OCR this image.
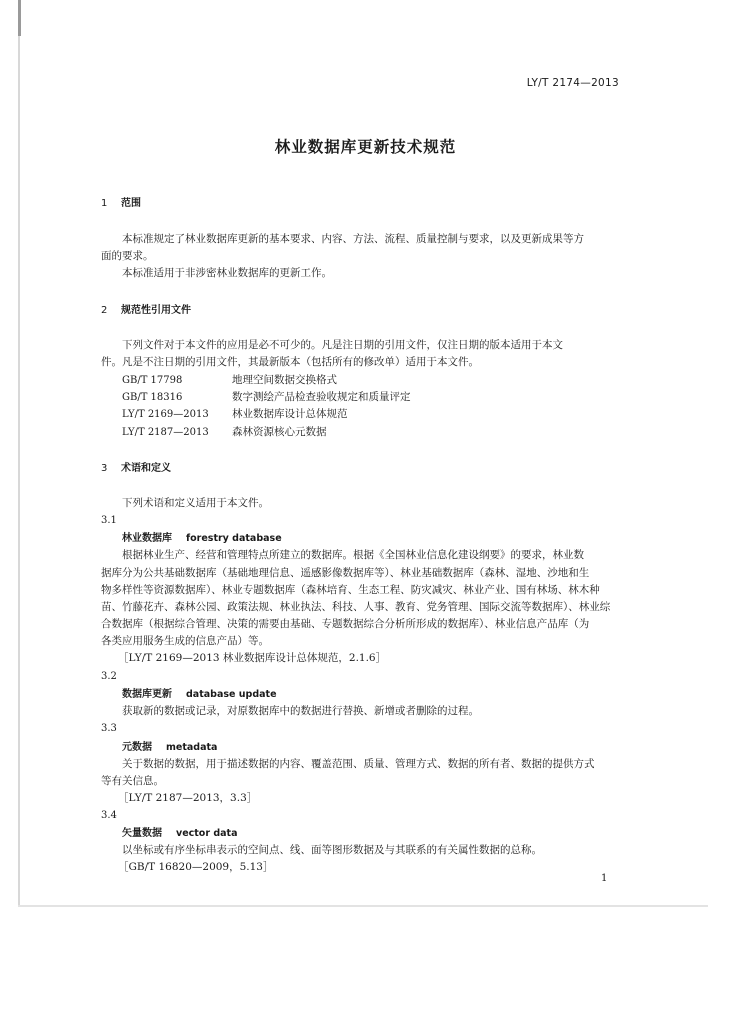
LY/T 2174—2013
林业数据库更新技术规范
1 范围
本标准规定了林业数据库更新的基本要求、内容、方法、流程、质量控制与要求，以及更新成果等方
面的要求。
本标准适用于非涉密林业数据库的更新工作。
2 规范性引用文件
下列文件对于本文件的应用是必不可少的。凡是注日期的引用文件，仅注日期的版本适用于本文
件。凡是不注日期的引用文件，其最新版本（包括所有的修改单）适用于本文件。
GB/T 17798	地理空间数据交换格式
GB/T 18316	数字测绘产品检查验收规定和质量评定
LY/T 2169—2013 林业数据库设计总体规范
LY/T 2187—2013 森林资源核心元数据
3 术语和定义
下列术语和定义适用于本文件。
3.1
林业数据库 forestry database
根据林业生产、经营和管理特点所建立的数据库。根据《全国林业信息化建设纲要》的要求，林业数
据库分为公共基础数据库（基础地理信息、遥感影像数据库等）、林业基础数据库（森林、湿地、沙地和生
物多样性等资源数据库）、林业专题数据库（森林培育、生态工程、防灾减灾、林业产业、国有林场、林木种
苗、竹藤花卉、森林公园、政策法规、林业执法、科技、人事、教育、党务管理、国际交流等数据库）、林业综
合数据库（根据综合管理、决策的需要由基础、专题数据综合分析所形成的数据库）、林业信息产品库（为
各类应用服务生成的信息产品）等。
［LY/T 2169—2013 林业数据库设计总体规范，2.1.6］
3.2
数据库更新 database update
获取新的数据或记录，对原数据库中的数据进行替换、新增或者删除的过程。
3.3
元数据 metadata
关于数据的数据，用于描述数据的内容、覆盖范围、质量、管理方式、数据的所有者、数据的提供方式
等有关信息。
［LY/T 2187—2013，3.3］
3.4
矢量数据 vector data
以坐标或有序坐标串表示的空间点、线、面等图形数据及与其联系的有关属性数据的总称。
［GB/T 16820—2009，5.13］
1
